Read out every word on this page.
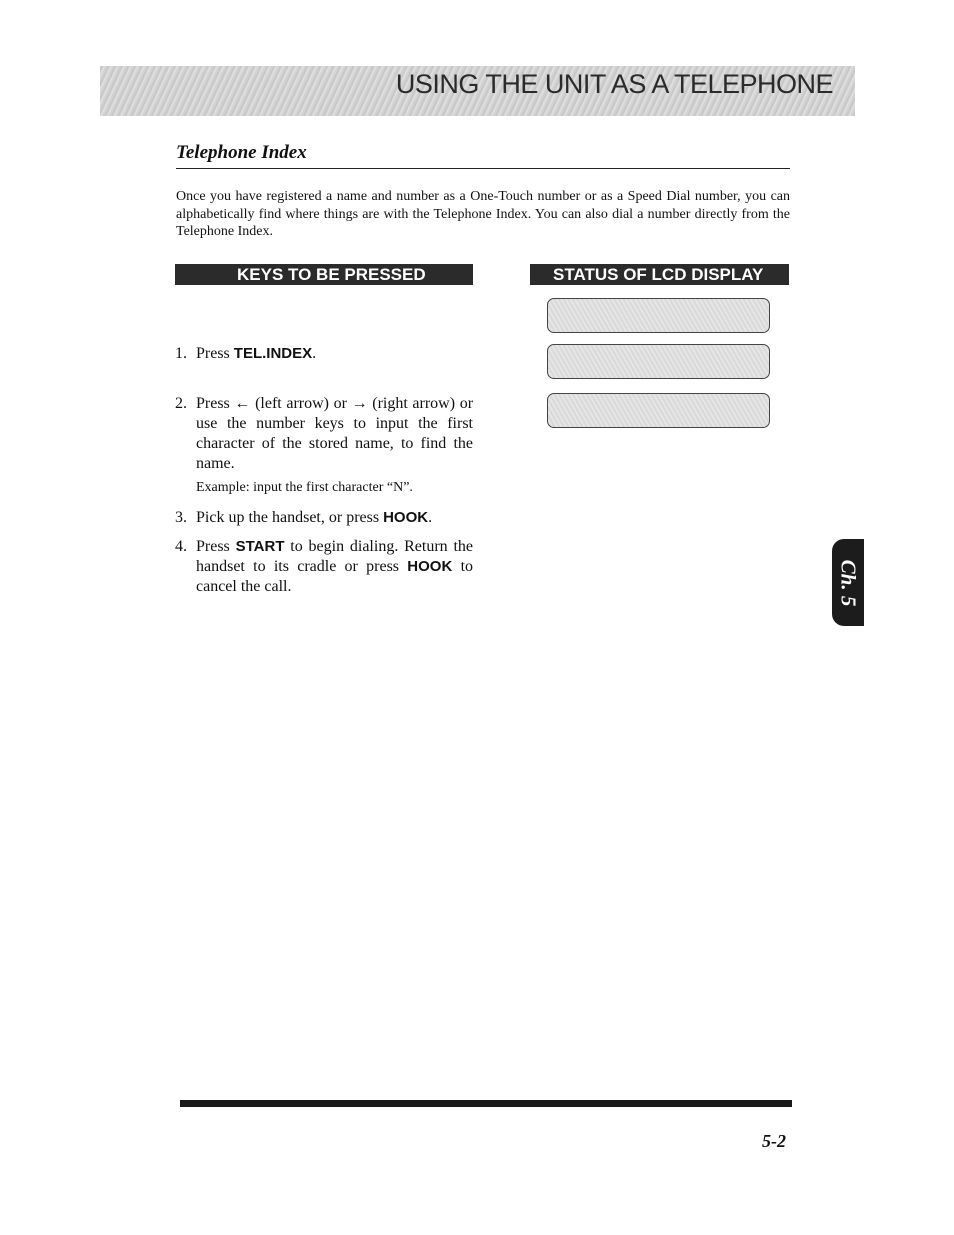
USING THE UNIT AS A TELEPHONE
Telephone Index
Once you have registered a name and number as a One-Touch number or as a Speed Dial number, you can alphabetically find where things are with the Telephone Index. You can also dial a number directly from the Telephone Index.
KEYS TO BE PRESSED	STATUS OF LCD DISPLAY
1. Press TEL.INDEX.
2. Press ← (left arrow) or → (right arrow) or use the number keys to input the first character of the stored name, to find the name.
Example: input the first character “N”.
3. Pick up the handset, or press HOOK.
4. Press START to begin dialing. Return the handset to its cradle or press HOOK to cancel the call.

	Ch. 5
5-2
